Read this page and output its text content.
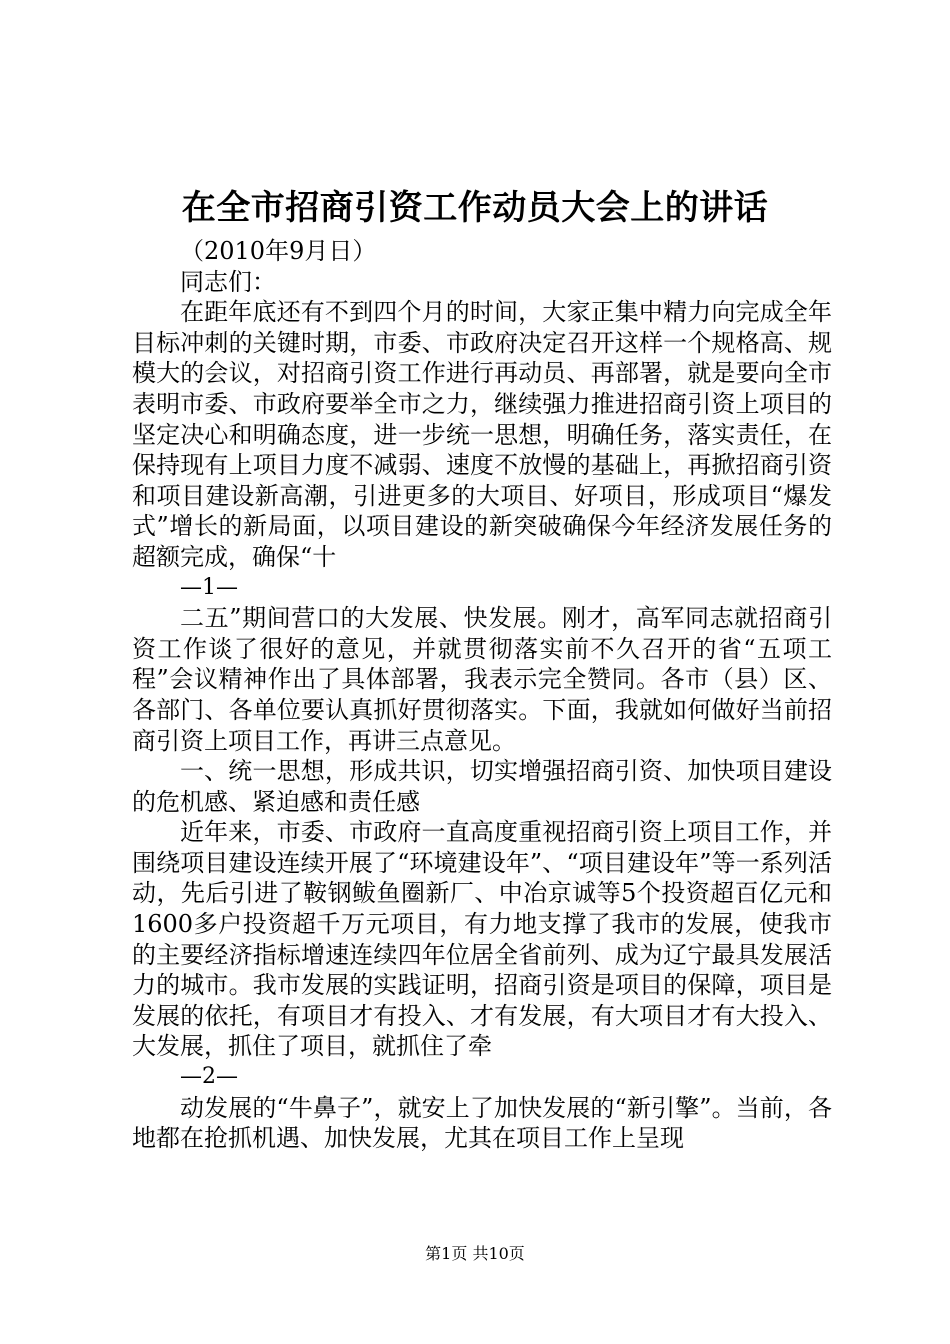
在全市招商引资工作动员大会上的讲话

（2010年9月日）

同志们：

在距年底还有不到四个月的时间，大家正集中精力向完成全年目标冲刺的关键时期，市委、市政府决定召开这样一个规格高、规模大的会议，对招商引资工作进行再动员、再部署，就是要向全市表明市委、市政府要举全市之力，继续强力推进招商引资上项目的坚定决心和明确态度，进一步统一思想，明确任务，落实责任，在保持现有上项目力度不减弱、速度不放慢的基础上，再掀招商引资和项目建设新高潮，引进更多的大项目、好项目，形成项目“爆发式”增长的新局面，以项目建设的新突破确保今年经济发展任务的超额完成，确保“十

—1—

二五”期间营口的大发展、快发展。刚才，高军同志就招商引资工作谈了很好的意见，并就贯彻落实前不久召开的省“五项工程”会议精神作出了具体部署，我表示完全赞同。各市（县）区、各部门、各单位要认真抓好贯彻落实。下面，我就如何做好当前招商引资上项目工作，再讲三点意见。

一、统一思想，形成共识，切实增强招商引资、加快项目建设的危机感、紧迫感和责任感

近年来，市委、市政府一直高度重视招商引资上项目工作，并围绕项目建设连续开展了“环境建设年”、“项目建设年”等一系列活动，先后引进了鞍钢鲅鱼圈新厂、中冶京诚等5个投资超百亿元和1600多户投资超千万元项目，有力地支撑了我市的发展，使我市的主要经济指标增速连续四年位居全省前列、成为辽宁最具发展活力的城市。我市发展的实践证明，招商引资是项目的保障，项目是发展的依托，有项目才有投入、才有发展，有大项目才有大投入、大发展，抓住了项目，就抓住了牵

—2—

动发展的“牛鼻子”，就安上了加快发展的“新引擎”。当前，各地都在抢抓机遇、加快发展，尤其在项目工作上呈现

第1页 共10页
